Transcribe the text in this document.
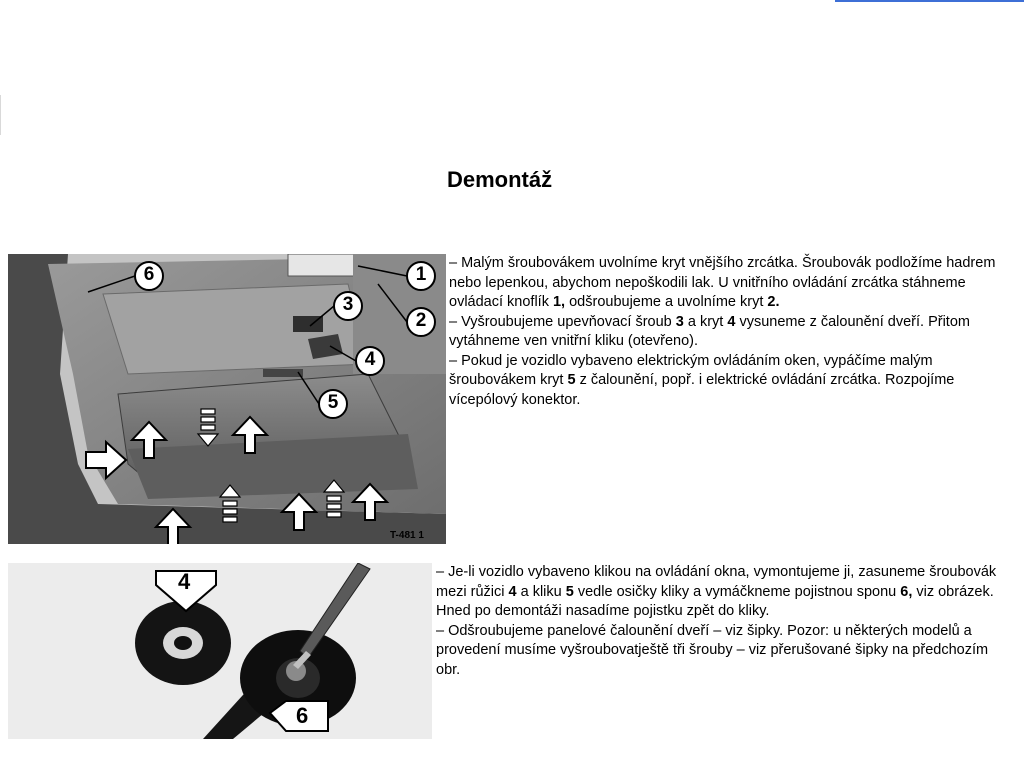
Demontáž
1
2
3
4
5
6
T-481 1

– Malým šroubovákem uvolníme kryt vnějšího zrcátka. Šroubovák podložíme hadrem nebo lepenkou, abychom nepoškodili lak. U vnitřního ovládání zrcátka stáhneme ovládací knoflík 1, odšroubujeme a uvolníme kryt 2.

– Vyšroubujeme upevňovací šroub 3 a kryt 4 vysuneme z čalounění dveří. Přitom vytáhneme ven vnitřní kliku (otevřeno).

– Pokud je vozidlo vybaveno elektrickým ovládáním oken, vypáčíme malým šroubovákem kryt 5 z čalounění, popř. i elektrické ovládání zrcátka. Rozpojíme vícepólový konektor.

4
6

– Je-li vozidlo vybaveno klikou na ovládání okna, vymontujeme ji, zasuneme šroubovák mezi růžici 4 a kliku 5 vedle osičky kliky a vymáčkneme pojistnou sponu 6, viz obrázek. Hned po demontáži nasadíme pojistku zpět do kliky.

– Odšroubujeme panelové čalounění dveří – viz šipky. Pozor: u některých modelů a provedení musíme vyšroubovatještě tři šrouby – viz přerušované šipky na předchozím obr.
